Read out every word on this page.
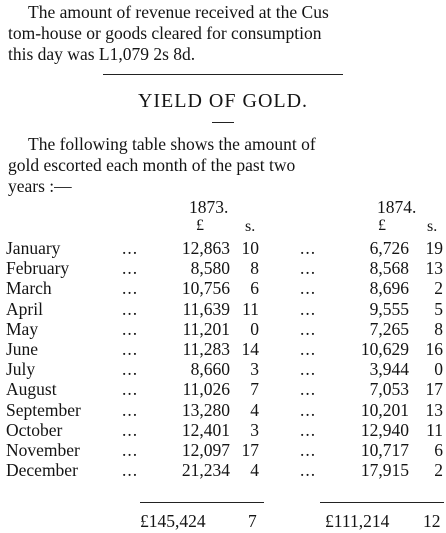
The amount of revenue received at the Cus

tom-house or goods cleared for consumption

this day was L1,079 2s 8d.

YIELD OF GOLD.

The following table shows the amount of

gold escorted each month of the past two

years :—

1873.	1874.
£	s.	£	s.
January	...	12,863 10 ...	6,726 19
February	...	8,580	8 ...	8,568 13
March	...	10,756	6 ...	8,696	2
April	...	11,639 11 ...	9,555	5
May	...	11,201	0 ...	7,265	8
June	...	11,283 14 ...	10,629 16
July	...	8,660	3 ...	3,944	0
August	...	11,026	7 ...	7,053 17
September ...	13,280	4 ...	10,201 13
October	...	12,401	3 ...	12,940 11
November ...	12,097 17 ...	10,717	6
December	...	21,234	4 ...	17,915	2
£145,424 7	£111,214 12
